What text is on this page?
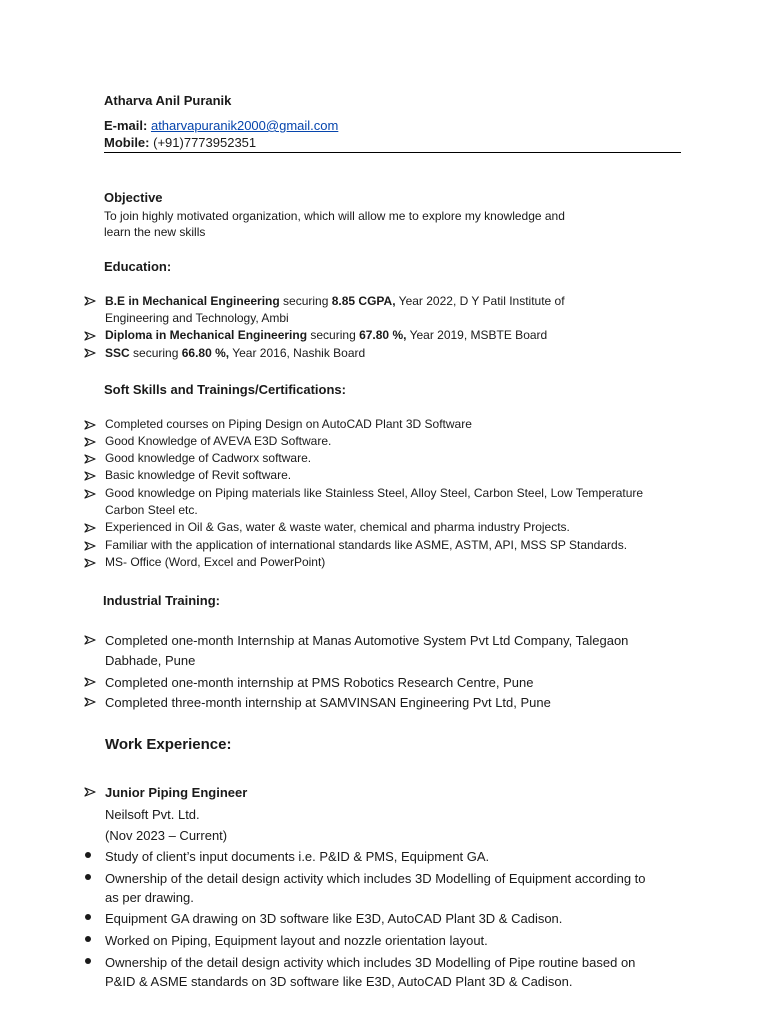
Atharva Anil Puranik
E-mail: atharvapuranik2000@gmail.com
Mobile: (+91)7773952351
Objective
To join highly motivated organization, which will allow me to explore my knowledge and
learn the new skills
Education:
B.E in Mechanical Engineering securing 8.85 CGPA, Year 2022, D Y Patil Institute of
Engineering and Technology, Ambi
Diploma in Mechanical Engineering securing 67.80 %, Year 2019, MSBTE Board
SSC securing 66.80 %, Year 2016, Nashik Board
Soft Skills and Trainings/Certifications:
Completed courses on Piping Design on AutoCAD Plant 3D Software
Good Knowledge of AVEVA E3D Software.
Good knowledge of Cadworx software.
Basic knowledge of Revit software.
Good knowledge on Piping materials like Stainless Steel, Alloy Steel, Carbon Steel, Low Temperature
Carbon Steel etc.
Experienced in Oil & Gas, water & waste water, chemical and pharma industry Projects.
Familiar with the application of international standards like ASME, ASTM, API, MSS SP Standards.
MS- Office (Word, Excel and PowerPoint)
Industrial Training:
Completed one-month Internship at Manas Automotive System Pvt Ltd Company, Talegaon
Dabhade, Pune
Completed one-month internship at PMS Robotics Research Centre, Pune
Completed three-month internship at SAMVINSAN Engineering Pvt Ltd, Pune
Work Experience:
Junior Piping Engineer
Neilsoft Pvt. Ltd.
(Nov 2023 – Current)
Study of client’s input documents i.e. P&ID & PMS, Equipment GA.
Ownership of the detail design activity which includes 3D Modelling of Equipment according to
as per drawing.
Equipment GA drawing on 3D software like E3D, AutoCAD Plant 3D & Cadison.
Worked on Piping, Equipment layout and nozzle orientation layout.
Ownership of the detail design activity which includes 3D Modelling of Pipe routine based on
P&ID & ASME standards on 3D software like E3D, AutoCAD Plant 3D & Cadison.
